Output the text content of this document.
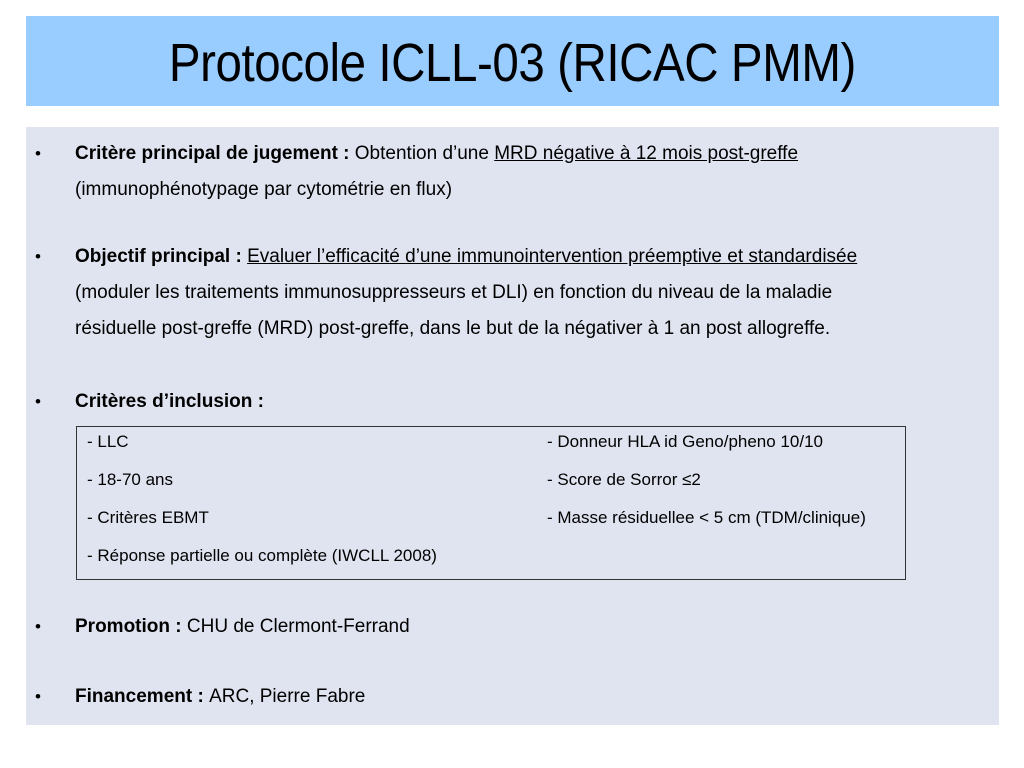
Protocole ICLL-03 (RICAC PMM)
• Critère principal de jugement : Obtention d’une MRD négative à 12 mois post-greffe
(immunophénotypage par cytométrie en flux)
• Objectif principal : Evaluer l’efficacité d’une immunointervention préemptive et standardisée
(moduler les traitements immunosuppresseurs et DLI) en fonction du niveau de la maladie
résiduelle post-greffe (MRD) post-greffe, dans le but de la négativer à 1 an post allogreffe.
• Critères d’inclusion :
- LLC
- 18-70 ans
- Critères EBMT
- Réponse partielle ou complète (IWCLL 2008)
- Donneur HLA id Geno/pheno 10/10
- Score de Sorror ≤2
- Masse résiduellee < 5 cm (TDM/clinique)
• Promotion : CHU de Clermont-Ferrand
• Financement : ARC, Pierre Fabre
